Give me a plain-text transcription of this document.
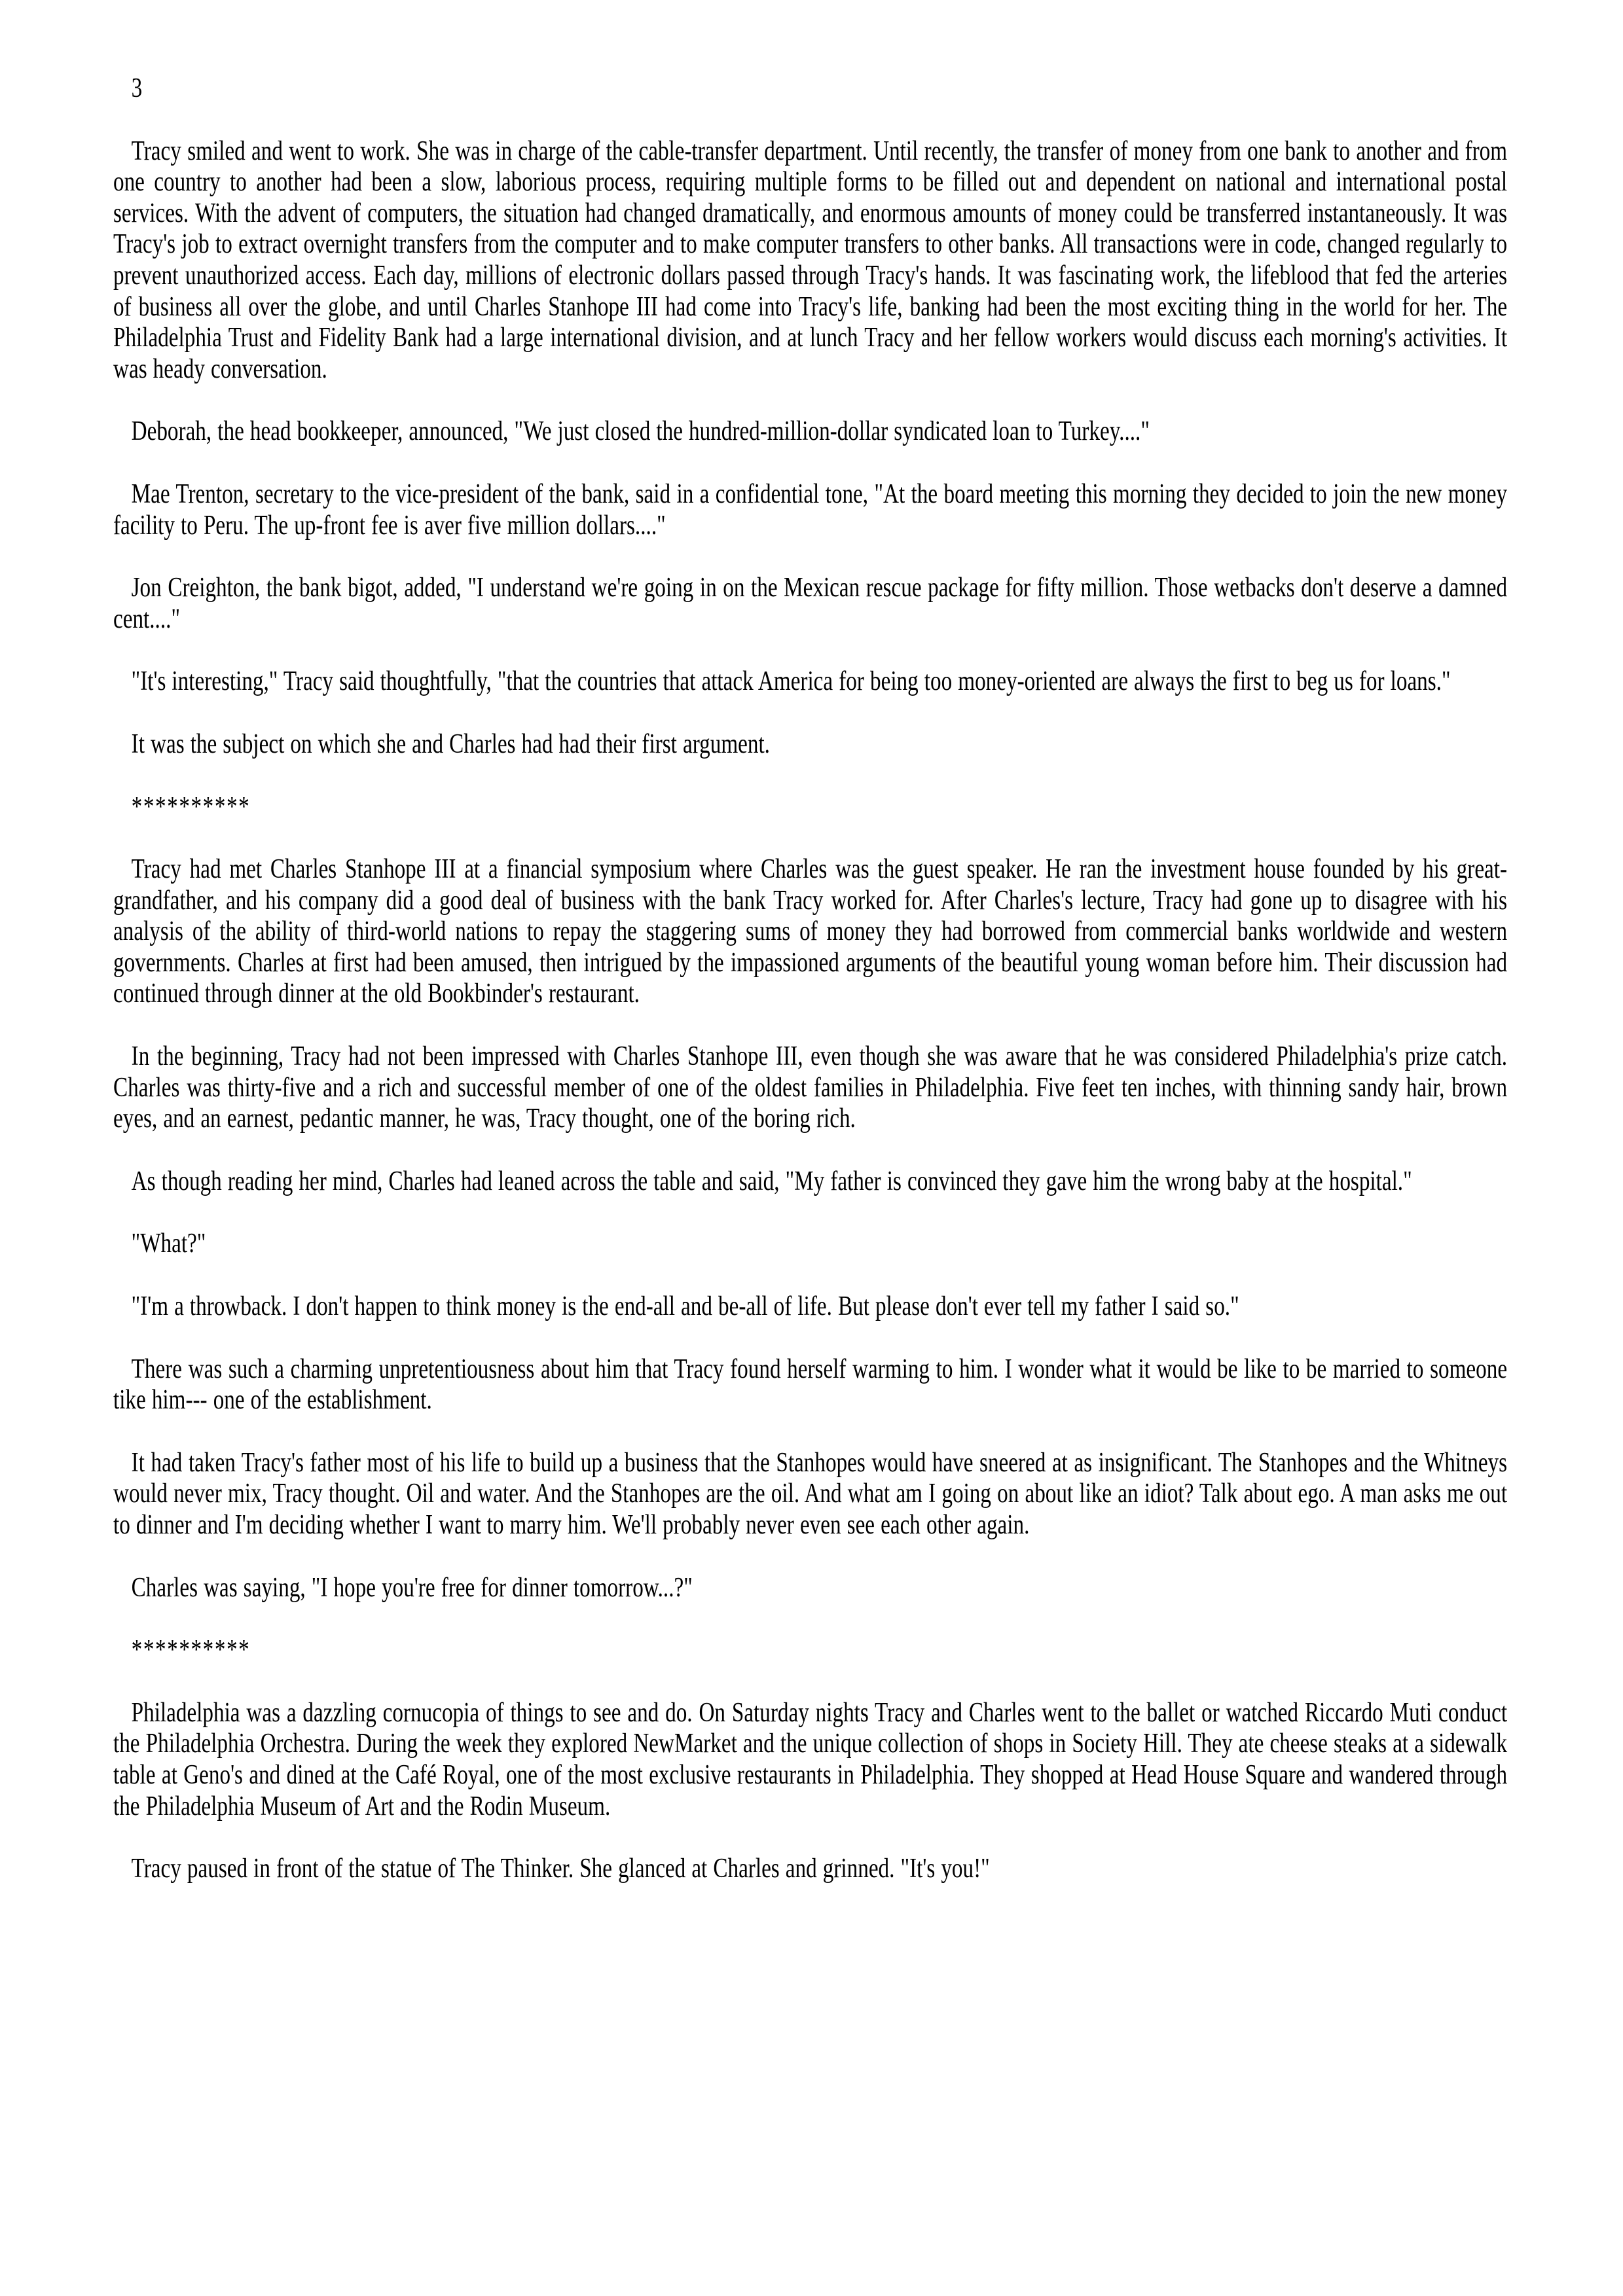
3

Tracy smiled and went to work. She was in charge of the cable-transfer department. Until recently, the transfer of money from one bank to another and from one country to another had been a slow, laborious process, requiring multiple forms to be filled out and dependent on national and international postal services. With the advent of computers, the situation had changed dramatically, and enormous amounts of money could be transferred instantaneously. It was Tracy's job to extract overnight transfers from the computer and to make computer transfers to other banks. All transactions were in code, changed regularly to prevent unauthorized access. Each day, millions of electronic dollars passed through Tracy's hands. It was fascinating work, the lifeblood that fed the arteries of business all over the globe, and until Charles Stanhope III had come into Tracy's life, banking had been the most exciting thing in the world for her. The Philadelphia Trust and Fidelity Bank had a large international division, and at lunch Tracy and her fellow workers would discuss each morning's activities. It was heady conversation.

Deborah, the head bookkeeper, announced, "We just closed the hundred-million-dollar syndicated loan to Turkey...."

Mae Trenton, secretary to the vice-president of the bank, said in a confidential tone, "At the board meeting this morning they decided to join the new money facility to Peru. The up-front fee is aver five million dollars...."

Jon Creighton, the bank bigot, added, "I understand we're going in on the Mexican rescue package for fifty million. Those wetbacks don't deserve a damned cent...."

"It's interesting," Tracy said thoughtfully, "that the countries that attack America for being too money-oriented are always the first to beg us for loans."

It was the subject on which she and Charles had had their first argument.

**********

Tracy had met Charles Stanhope III at a financial symposium where Charles was the guest speaker. He ran the investment house founded by his great-grandfather, and his company did a good deal of business with the bank Tracy worked for. After Charles's lecture, Tracy had gone up to disagree with his analysis of the ability of third-world nations to repay the staggering sums of money they had borrowed from commercial banks worldwide and western governments. Charles at first had been amused, then intrigued by the impassioned arguments of the beautiful young woman before him. Their discussion had continued through dinner at the old Bookbinder's restaurant.

In the beginning, Tracy had not been impressed with Charles Stanhope III, even though she was aware that he was considered Philadelphia's prize catch. Charles was thirty-five and a rich and successful member of one of the oldest families in Philadelphia. Five feet ten inches, with thinning sandy hair, brown eyes, and an earnest, pedantic manner, he was, Tracy thought, one of the boring rich.

As though reading her mind, Charles had leaned across the table and said, "My father is convinced they gave him the wrong baby at the hospital."

"What?"

"I'm a throwback. I don't happen to think money is the end-all and be-all of life. But please don't ever tell my father I said so."

There was such a charming unpretentiousness about him that Tracy found herself warming to him. I wonder what it would be like to be married to someone tike him--- one of the establishment.

It had taken Tracy's father most of his life to build up a business that the Stanhopes would have sneered at as insignificant. The Stanhopes and the Whitneys would never mix, Tracy thought. Oil and water. And the Stanhopes are the oil. And what am I going on about like an idiot? Talk about ego. A man asks me out to dinner and I'm deciding whether I want to marry him. We'll probably never even see each other again.

Charles was saying, "I hope you're free for dinner tomorrow...?"

**********

Philadelphia was a dazzling cornucopia of things to see and do. On Saturday nights Tracy and Charles went to the ballet or watched Riccardo Muti conduct the Philadelphia Orchestra. During the week they explored NewMarket and the unique collection of shops in Society Hill. They ate cheese steaks at a sidewalk table at Geno's and dined at the Café Royal, one of the most exclusive restaurants in Philadelphia. They shopped at Head House Square and wandered through the Philadelphia Museum of Art and the Rodin Museum.

Tracy paused in front of the statue of The Thinker. She glanced at Charles and grinned. "It's you!"
